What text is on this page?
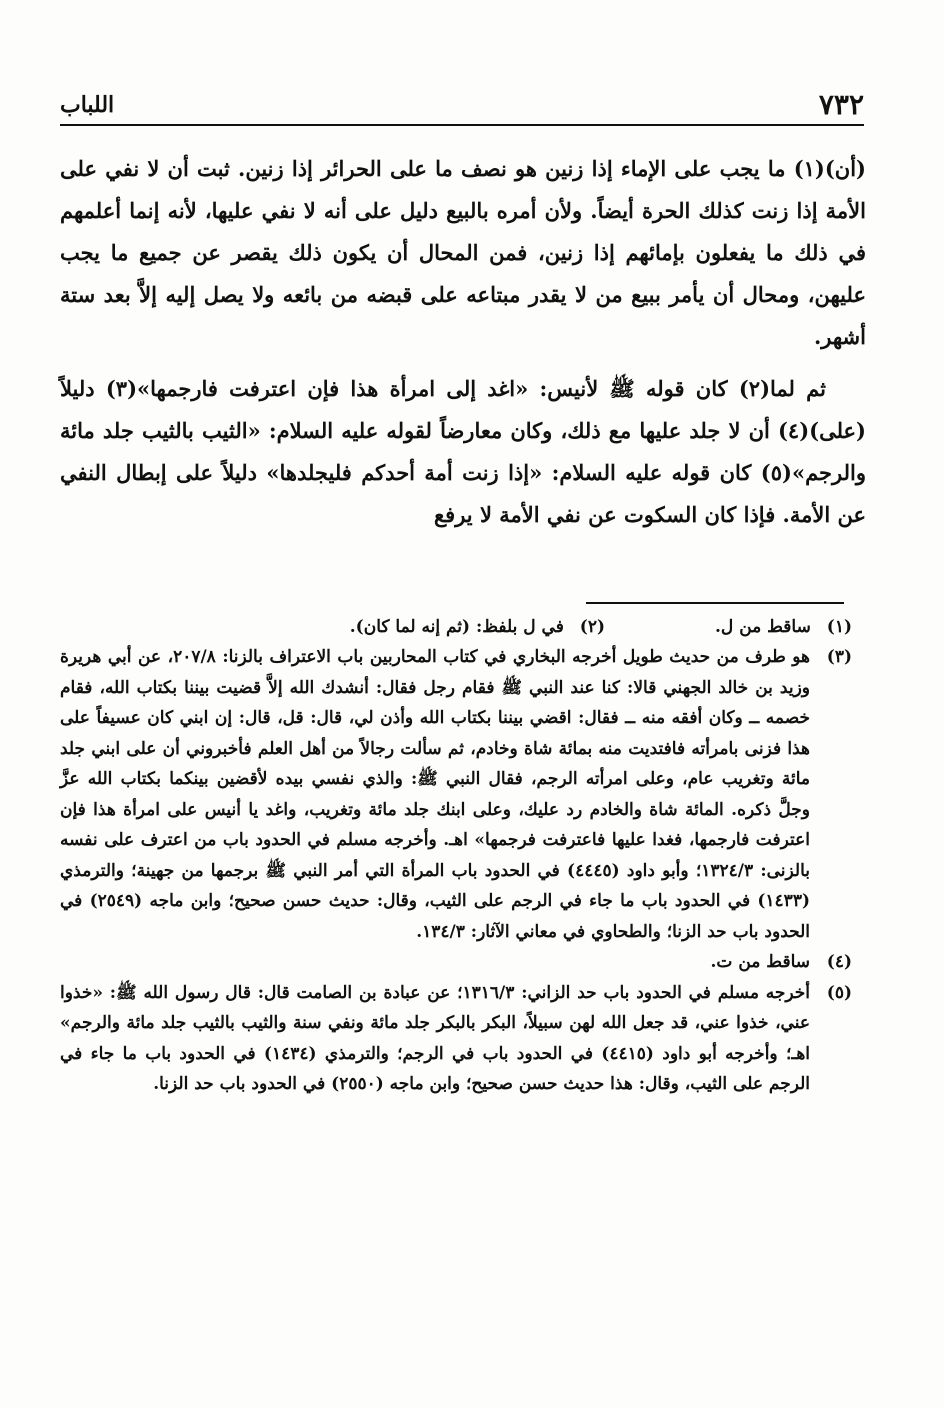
٧٣٢
اللباب

(أن)(١) ما يجب على الإماء إذا زنين هو نصف ما على الحرائر إذا زنين. ثبت أن لا نفي على الأمة إذا زنت كذلك الحرة أيضاً. ولأن أمره بالبيع دليل على أنه لا نفي عليها، لأنه إنما أعلمهم في ذلك ما يفعلون بإمائهم إذا زنين، فمن المحال أن يكون ذلك يقصر عن جميع ما يجب عليهن، ومحال أن يأمر ببيع من لا يقدر مبتاعه على قبضه من بائعه ولا يصل إليه إلاَّ بعد ستة أشهر.

ثم لما(٢) كان قوله ﷺ لأنيس: «اغد إلى امرأة هذا فإن اعترفت فارجمها»(٣) دليلاً (على)(٤) أن لا جلد عليها مع ذلك، وكان معارضاً لقوله عليه السلام: «الثيب بالثيب جلد مائة والرجم»(٥) كان قوله عليه السلام: «إذا زنت أمة أحدكم فليجلدها» دليلاً على إبطال النفي عن الأمة. فإذا كان السكوت عن نفي الأمة لا يرفع

(١) ساقط من ل.
(٢) في ل بلفظ: (ثم إنه لما كان).
(٣)
هو طرف من حديث طويل أخرجه البخاري في كتاب المحاربين باب الاعتراف بالزنا: ٢٠٧/٨، عن أبي هريرة وزيد بن خالد الجهني قالا: كنا عند النبي ﷺ فقام رجل فقال: أنشدك الله إلاَّ قضيت بيننا بكتاب الله، فقام خصمه ــ وكان أفقه منه ــ فقال: اقضي بيننا بكتاب الله وأذن لي، قال: قل، قال: إن ابني كان عسيفاً على هذا فزنى بامرأته فافتديت منه بمائة شاة وخادم، ثم سألت رجالاً من أهل العلم فأخبروني أن على ابني جلد مائة وتغريب عام، وعلى امرأته الرجم، فقال النبي ﷺ: والذي نفسي بيده لأقضين بينكما بكتاب الله عزَّ وجلَّ ذكره. المائة شاة والخادم رد عليك، وعلى ابنك جلد مائة وتغريب، واغد يا أنيس على امرأة هذا فإن اعترفت فارجمها، فغدا عليها فاعترفت فرجمها» اهـ. وأخرجه مسلم في الحدود باب من اعترف على نفسه بالزنى: ١٣٢٤/٣؛ وأبو داود (٤٤٤٥) في الحدود باب المرأة التي أمر النبي ﷺ برجمها من جهينة؛ والترمذي (١٤٣٣) في الحدود باب ما جاء في الرجم على الثيب، وقال: حديث حسن صحيح؛ وابن ماجه (٢٥٤٩) في الحدود باب حد الزنا؛ والطحاوي في معاني الآثار: ١٣٤/٣.
(٤)
ساقط من ت.
(٥)
أخرجه مسلم في الحدود باب حد الزاني: ١٣١٦/٣؛ عن عبادة بن الصامت قال: قال رسول الله ﷺ: «خذوا عني، خذوا عني، قد جعل الله لهن سبيلاً، البكر بالبكر جلد مائة ونفي سنة والثيب بالثيب جلد مائة والرجم» اهـ؛ وأخرجه أبو داود (٤٤١٥) في الحدود باب في الرجم؛ والترمذي (١٤٣٤) في الحدود باب ما جاء في الرجم على الثيب، وقال: هذا حديث حسن صحيح؛ وابن ماجه (٢٥٥٠) في الحدود باب حد الزنا.
